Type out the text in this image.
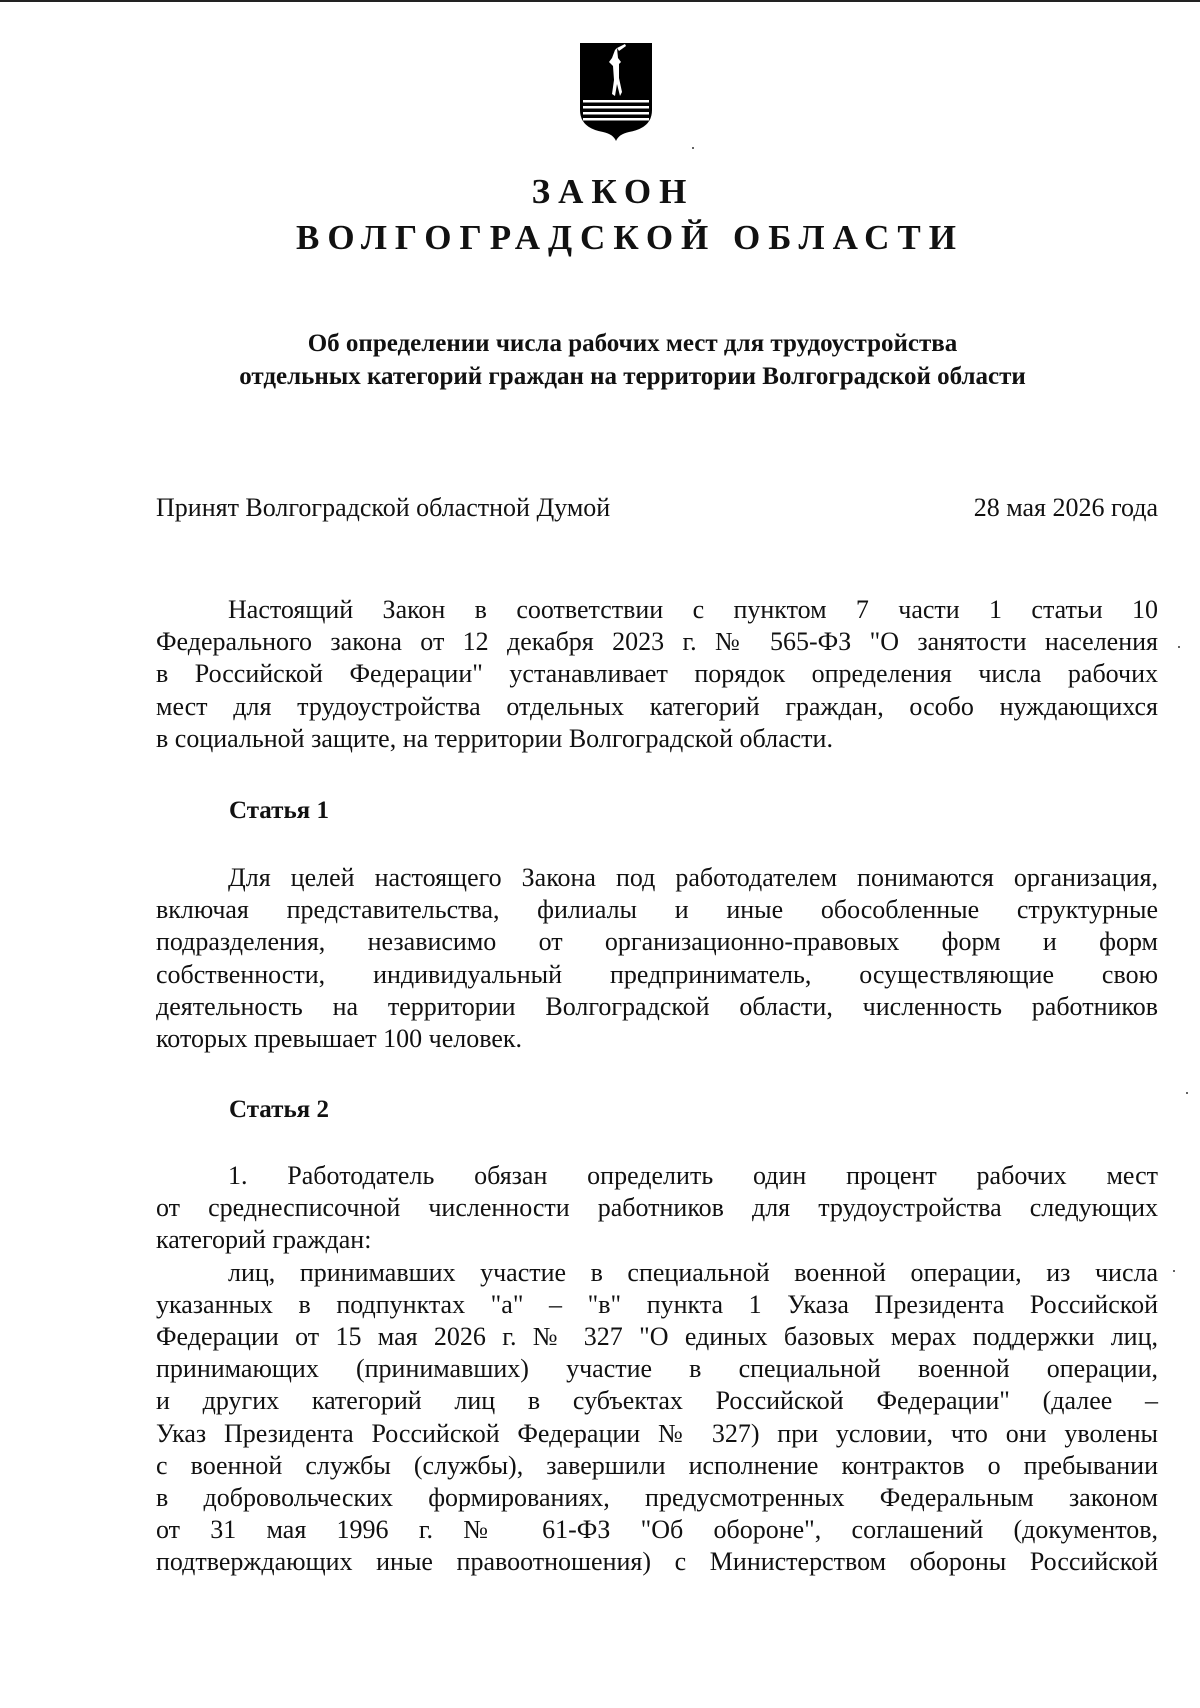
ЗАКОН
ВОЛГОГРАДСКОЙ ОБЛАСТИ
Об определении числа рабочих мест для трудоустройства
отдельных категорий граждан на территории Волгоградской области
Принят Волгоградской областной Думой	28 мая 2026 года
Настоящий Закон в соответствии с пунктом 7 части 1 статьи 10
Федерального закона от 12 декабря 2023 г. № 565-ФЗ "О занятости населения
в Российской Федерации" устанавливает порядок определения числа рабочих
мест для трудоустройства отдельных категорий граждан, особо нуждающихся
в социальной защите, на территории Волгоградской области.
Статья 1
Для целей настоящего Закона под работодателем понимаются организация,
включая представительства, филиалы и иные обособленные структурные
подразделения, независимо от организационно-правовых форм и форм
собственности, индивидуальный предприниматель, осуществляющие свою
деятельность на территории Волгоградской области, численность работников
которых превышает 100 человек.
Статья 2
1. Работодатель обязан определить один процент рабочих мест
от среднесписочной численности работников для трудоустройства следующих
категорий граждан:
лиц, принимавших участие в специальной военной операции, из числа
указанных в подпунктах "а" – "в" пункта 1 Указа Президента Российской
Федерации от 15 мая 2026 г. № 327 "О единых базовых мерах поддержки лиц,
принимающих (принимавших) участие в специальной военной операции,
и других категорий лиц в субъектах Российской Федерации" (далее –
Указ Президента Российской Федерации № 327) при условии, что они уволены
с военной службы (службы), завершили исполнение контрактов о пребывании
в добровольческих формированиях, предусмотренных Федеральным законом
от 31 мая 1996 г. № 61-ФЗ "Об обороне", соглашений (документов,
подтверждающих иные правоотношения) с Министерством обороны Российской
